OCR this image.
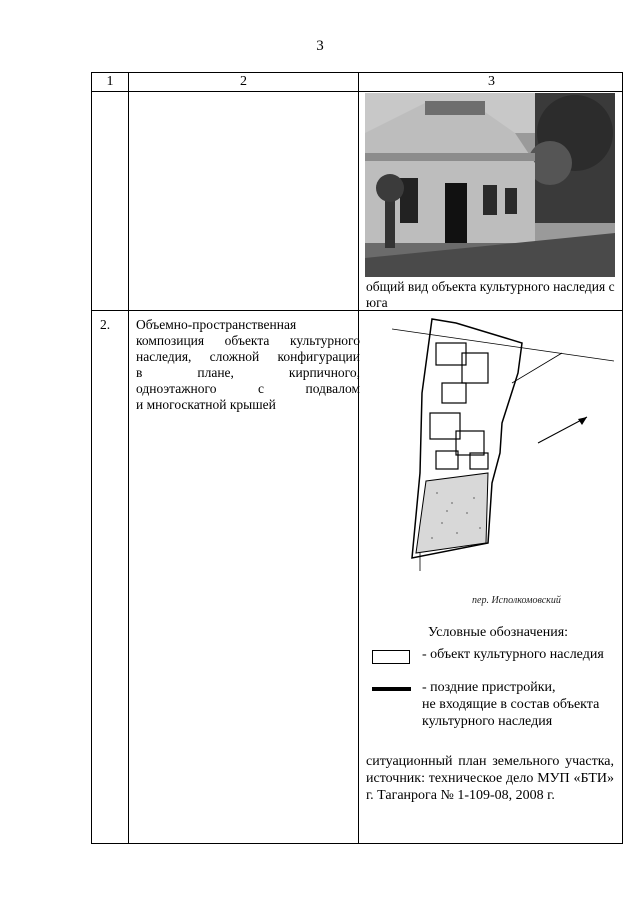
3
1	2	3
общий вид объекта культурного наследия с юга
2. Объемно-пространственная
композиция объекта культурного
наследия, сложной конфигурации
в плане, кирпичного,
одноэтажного с подвалом
и многоскатной крышей
пер. Исполкомовский
Условные обозначения:
- объект культурного наследия
- поздние пристройки,
не входящие в состав объекта
культурного наследия
ситуационный план земельного участка, источник: техническое дело МУП «БТИ» г. Таганрога № 1-109-08, 2008 г.
